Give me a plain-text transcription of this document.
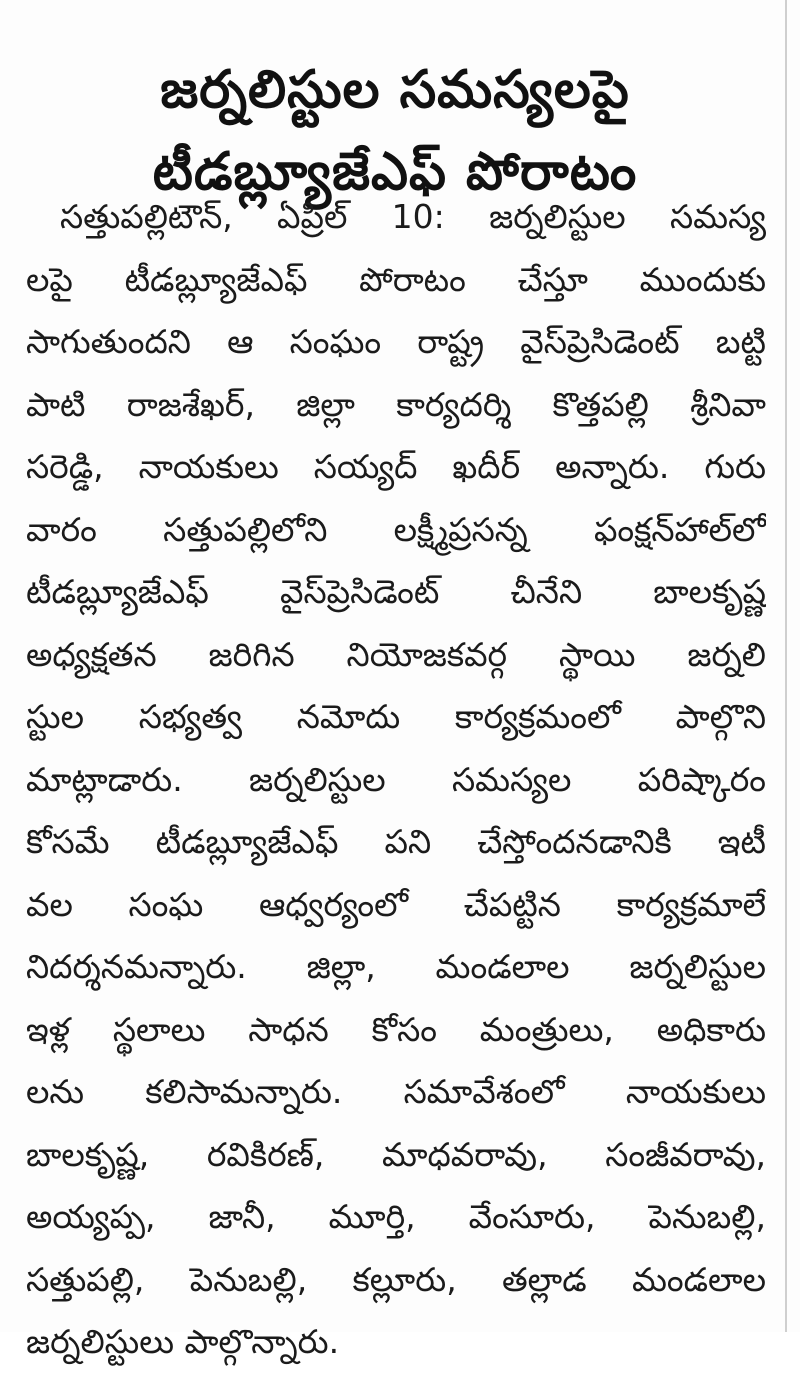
జర్నలిస్టుల సమస్యలపై
టీడబ్ల్యూజేఎఫ్ పోరాటం
సత్తుపల్లిటౌన్, ఏప్రిల్ 10: జర్నలిస్టుల సమస్య
లపై టీడబ్ల్యూజేఎఫ్ పోరాటం చేస్తూ ముందుకు
సాగుతుందని ఆ సంఘం రాష్ట్ర వైస్‌ప్రెసిడెంట్ బట్టి
పాటి రాజశేఖర్, జిల్లా కార్యదర్శి కొత్తపల్లి శ్రీనివా
సరెడ్డి, నాయకులు సయ్యద్ ఖదీర్ అన్నారు. గురు
వారం సత్తుపల్లిలోని లక్ష్మీప్రసన్న ఫంక్షన్‌హాల్‌లో
టీడబ్ల్యూజేఎఫ్ వైస్‌ప్రెసిడెంట్ చీనేని బాలకృష్ణ
అధ్యక్షతన జరిగిన నియోజకవర్గ స్థాయి జర్నలి
స్టుల సభ్యత్వ నమోదు కార్యక్రమంలో పాల్గొని
మాట్లాడారు. జర్నలిస్టుల సమస్యల పరిష్కారం
కోసమే టీడబ్ల్యూజేఎఫ్ పని చేస్తోందనడానికి ఇటీ
వల సంఘ ఆధ్వర్యంలో చేపట్టిన కార్యక్రమాలే
నిదర్శనమన్నారు. జిల్లా, మండలాల జర్నలిస్టుల
ఇళ్ల స్థలాలు సాధన కోసం మంత్రులు, అధికారు
లను కలిసామన్నారు. సమావేశంలో నాయకులు
బాలకృష్ణ, రవికిరణ్, మాధవరావు, సంజీవరావు,
అయ్యప్ప, జానీ, మూర్తి, వేంసూరు, పెనుబల్లి,
సత్తుపల్లి, పెనుబల్లి, కల్లూరు, తల్లాడ మండలాల
జర్నలిస్టులు పాల్గొన్నారు.
